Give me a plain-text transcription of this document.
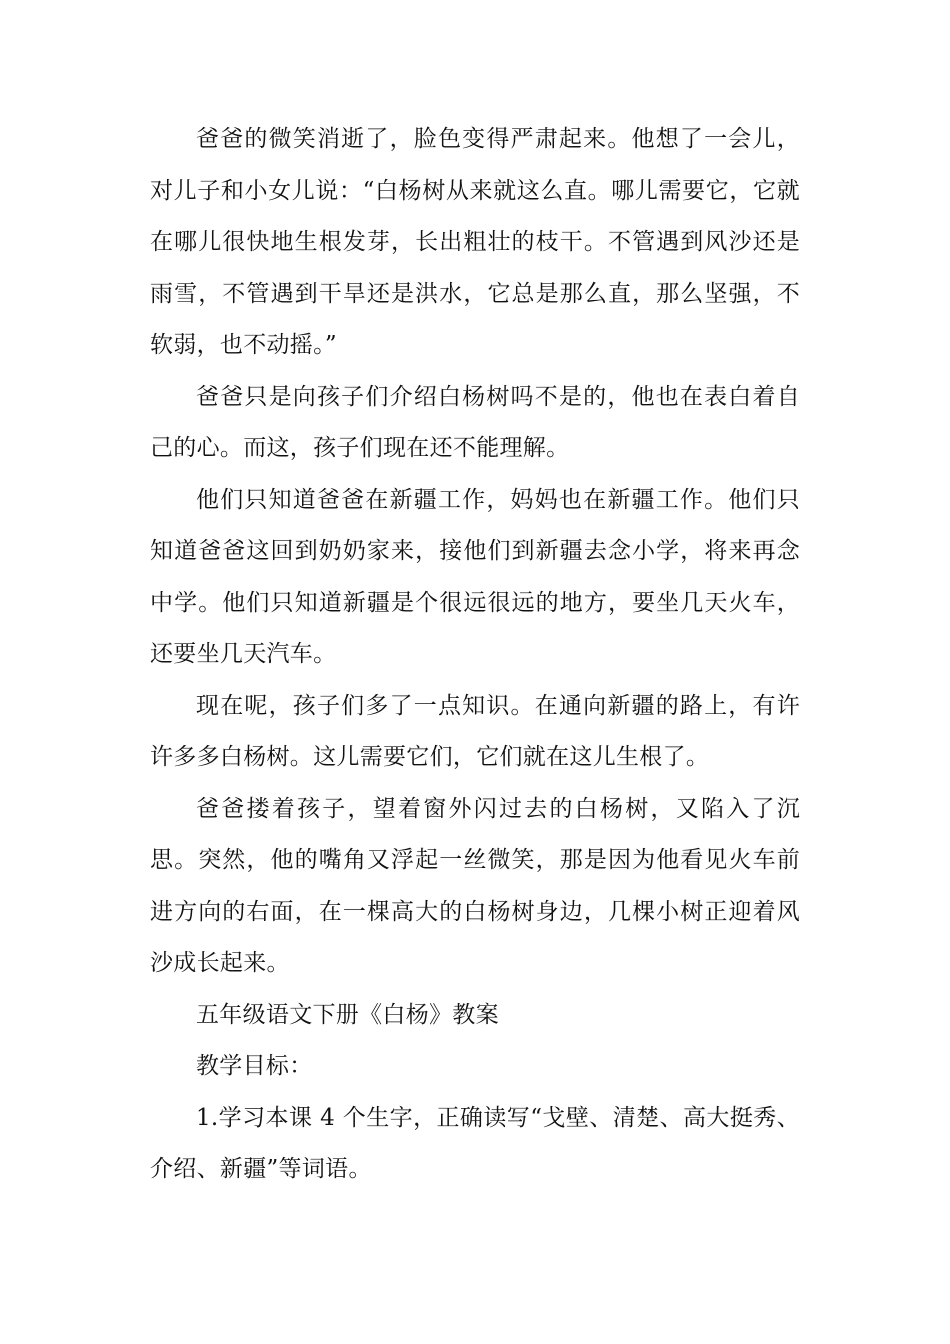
爸爸的微笑消逝了，脸色变得严肃起来。他想了一会儿，对儿子和小女儿说：“白杨树从来就这么直。哪儿需要它，它就在哪儿很快地生根发芽，长出粗壮的枝干。不管遇到风沙还是雨雪，不管遇到干旱还是洪水，它总是那么直，那么坚强，不软弱，也不动摇。”

爸爸只是向孩子们介绍白杨树吗不是的，他也在表白着自己的心。而这，孩子们现在还不能理解。

他们只知道爸爸在新疆工作，妈妈也在新疆工作。他们只知道爸爸这回到奶奶家来，接他们到新疆去念小学，将来再念中学。他们只知道新疆是个很远很远的地方，要坐几天火车，还要坐几天汽车。

现在呢，孩子们多了一点知识。在通向新疆的路上，有许许多多白杨树。这儿需要它们，它们就在这儿生根了。

爸爸搂着孩子，望着窗外闪过去的白杨树，又陷入了沉思。突然，他的嘴角又浮起一丝微笑，那是因为他看见火车前进方向的右面，在一棵高大的白杨树身边，几棵小树正迎着风沙成长起来。

五年级语文下册《白杨》教案

教学目标：

1.学习本课 4 个生字，正确读写“戈壁、清楚、高大挺秀、介绍、新疆”等词语。
